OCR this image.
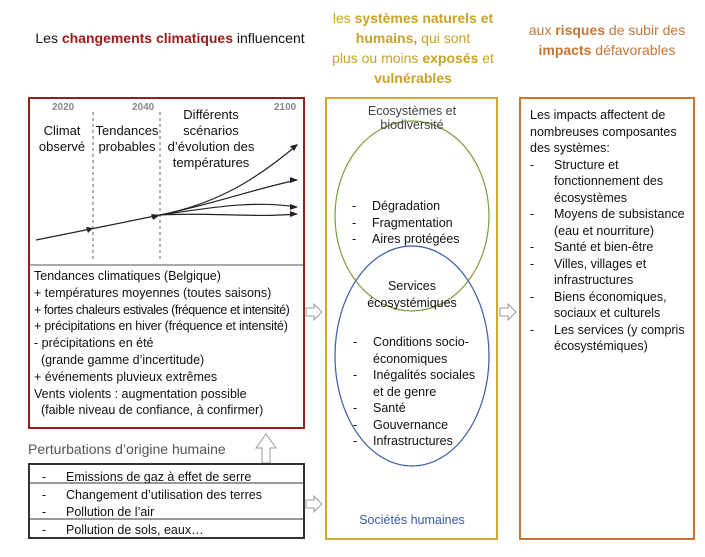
Les changements climatiques influencent
les systèmes naturels et
humains, qui sont
plus ou moins exposés et
vulnérables
aux risques de subir des
impacts défavorables
2020	2040	2100
Climat observé
Tendances probables
Différents scénarios d’évolution des températures
Tendances climatiques (Belgique)
+ températures moyennes (toutes saisons)
+ fortes chaleurs estivales (fréquence et intensité)
+ précipitations en hiver (fréquence et intensité)
- précipitations en été
(grande gamme d’incertitude)
+ événements pluvieux extrêmes
Vents violents : augmentation possible
(faible niveau de confiance, à confirmer)
Perturbations d’origine humaine
- Emissions de gaz à effet de serre
- Changement d’utilisation des terres
- Pollution de l’air
- Pollution de sols, eaux…
Ecosystèmes et biodiversité
-	Dégradation
-	Fragmentation
-	Aires protégées
Services écosystémiques
-	Conditions socio-économiques
-	Inégalités sociales et de genre
-	Santé
-	Gouvernance
-	Infrastructures
Sociétés humaines
Les impacts affectent de nombreuses composantes des systèmes:
-	Structure et fonctionnement des écosystèmes
-	Moyens de subsistance (eau et nourriture)
-	Santé et bien-être
-	Villes, villages et infrastructures
-	Biens économiques, sociaux et culturels
-	Les services (y compris écosystémiques)
